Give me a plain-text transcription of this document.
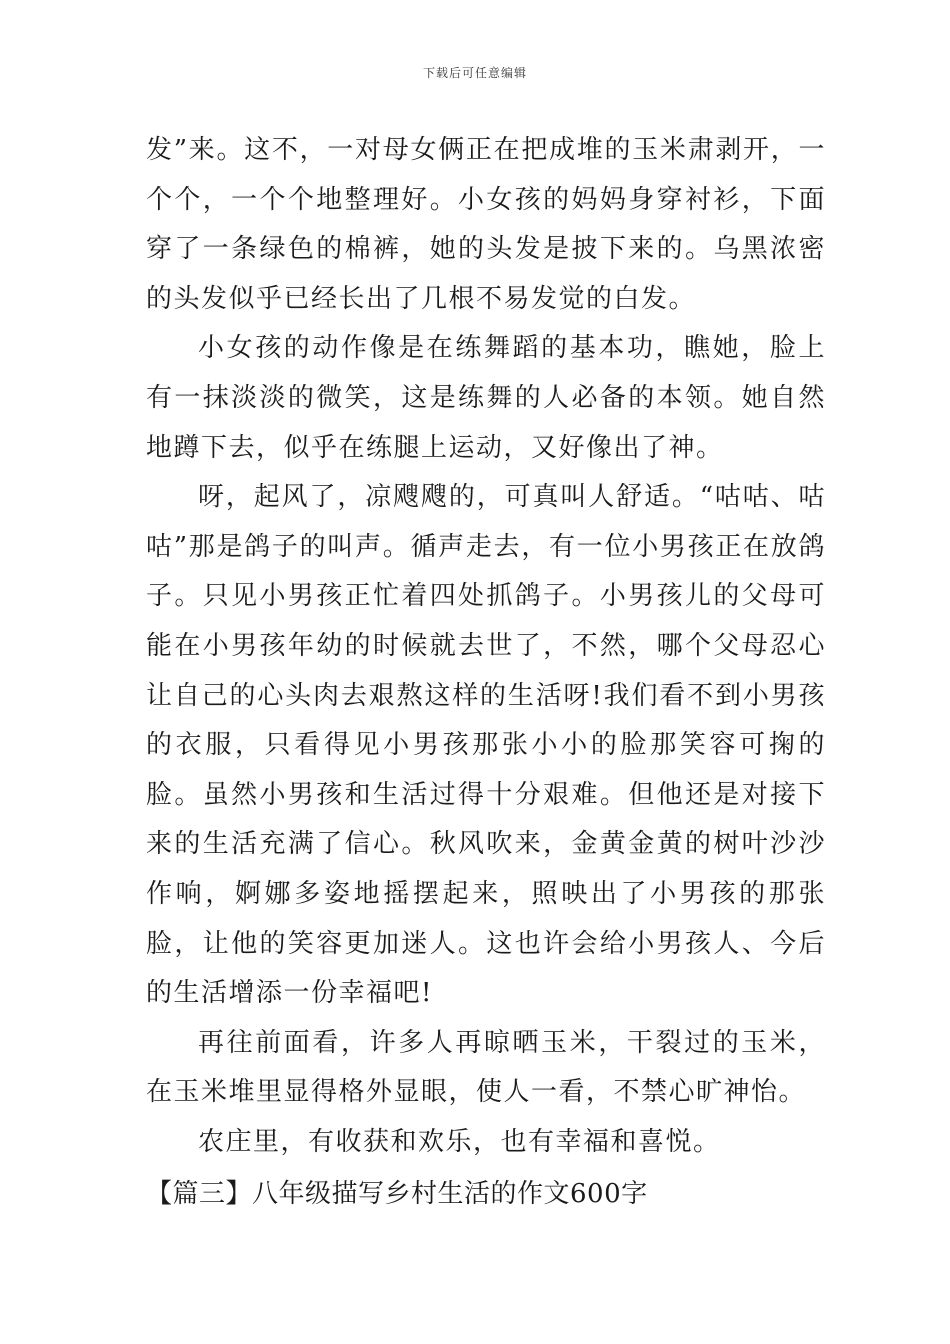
下载后可任意编辑

发”来。这不，一对母女俩正在把成堆的玉米肃剥开，一个个，一个个地整理好。小女孩的妈妈身穿衬衫，下面穿了一条绿色的棉裤，她的头发是披下来的。乌黑浓密的头发似乎已经长出了几根不易发觉的白发。

小女孩的动作像是在练舞蹈的基本功，瞧她，脸上有一抹淡淡的微笑，这是练舞的人必备的本领。她自然地蹲下去，似乎在练腿上运动，又好像出了神。

呀，起风了，凉飕飕的，可真叫人舒适。“咕咕、咕咕”那是鸽子的叫声。循声走去，有一位小男孩正在放鸽子。只见小男孩正忙着四处抓鸽子。小男孩儿的父母可能在小男孩年幼的时候就去世了，不然，哪个父母忍心让自己的心头肉去艰熬这样的生活呀!我们看不到小男孩的衣服，只看得见小男孩那张小小的脸那笑容可掬的脸。虽然小男孩和生活过得十分艰难。但他还是对接下来的生活充满了信心。秋风吹来，金黄金黄的树叶沙沙作响，婀娜多姿地摇摆起来，照映出了小男孩的那张脸，让他的笑容更加迷人。这也许会给小男孩人、今后的生活增添一份幸福吧!

再往前面看，许多人再晾晒玉米，干裂过的玉米，在玉米堆里显得格外显眼，使人一看，不禁心旷神怡。

农庄里，有收获和欢乐，也有幸福和喜悦。

【篇三】八年级描写乡村生活的作文600字
